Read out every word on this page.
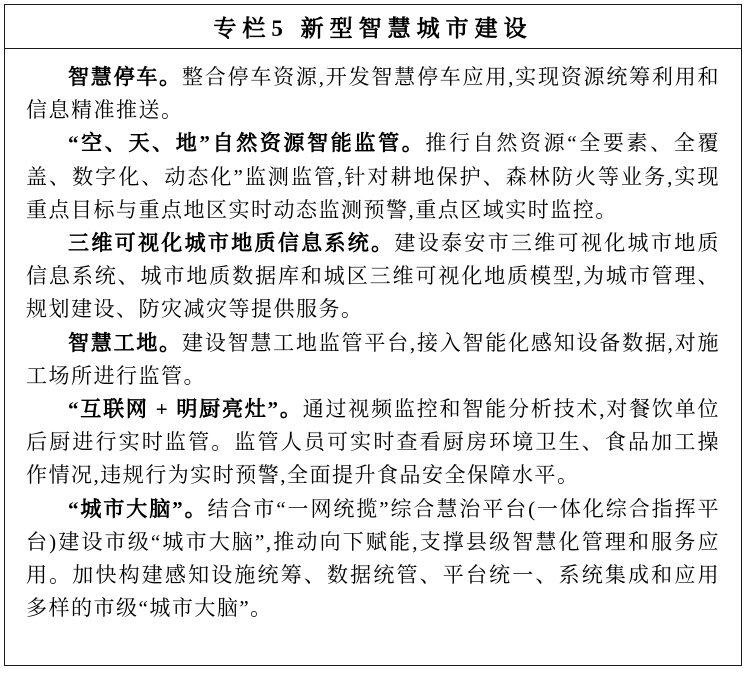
专栏5 新型智慧城市建设

智慧停车。整合停车资源,开发智慧停车应用,实现资源统筹利用和信息精准推送。

“空、天、地”自然资源智能监管。推行自然资源“全要素、全覆盖、数字化、动态化”监测监管,针对耕地保护、森林防火等业务,实现重点目标与重点地区实时动态监测预警,重点区域实时监控。

三维可视化城市地质信息系统。建设泰安市三维可视化城市地质信息系统、城市地质数据库和城区三维可视化地质模型,为城市管理、规划建设、防灾减灾等提供服务。

智慧工地。建设智慧工地监管平台,接入智能化感知设备数据,对施工场所进行监管。

“互联网 + 明厨亮灶”。通过视频监控和智能分析技术,对餐饮单位后厨进行实时监管。监管人员可实时查看厨房环境卫生、食品加工操作情况,违规行为实时预警,全面提升食品安全保障水平。

“城市大脑”。结合市“一网统揽”综合慧治平台(一体化综合指挥平台)建设市级“城市大脑”,推动向下赋能,支撑县级智慧化管理和服务应用。加快构建感知设施统筹、数据统管、平台统一、系统集成和应用多样的市级“城市大脑”。
